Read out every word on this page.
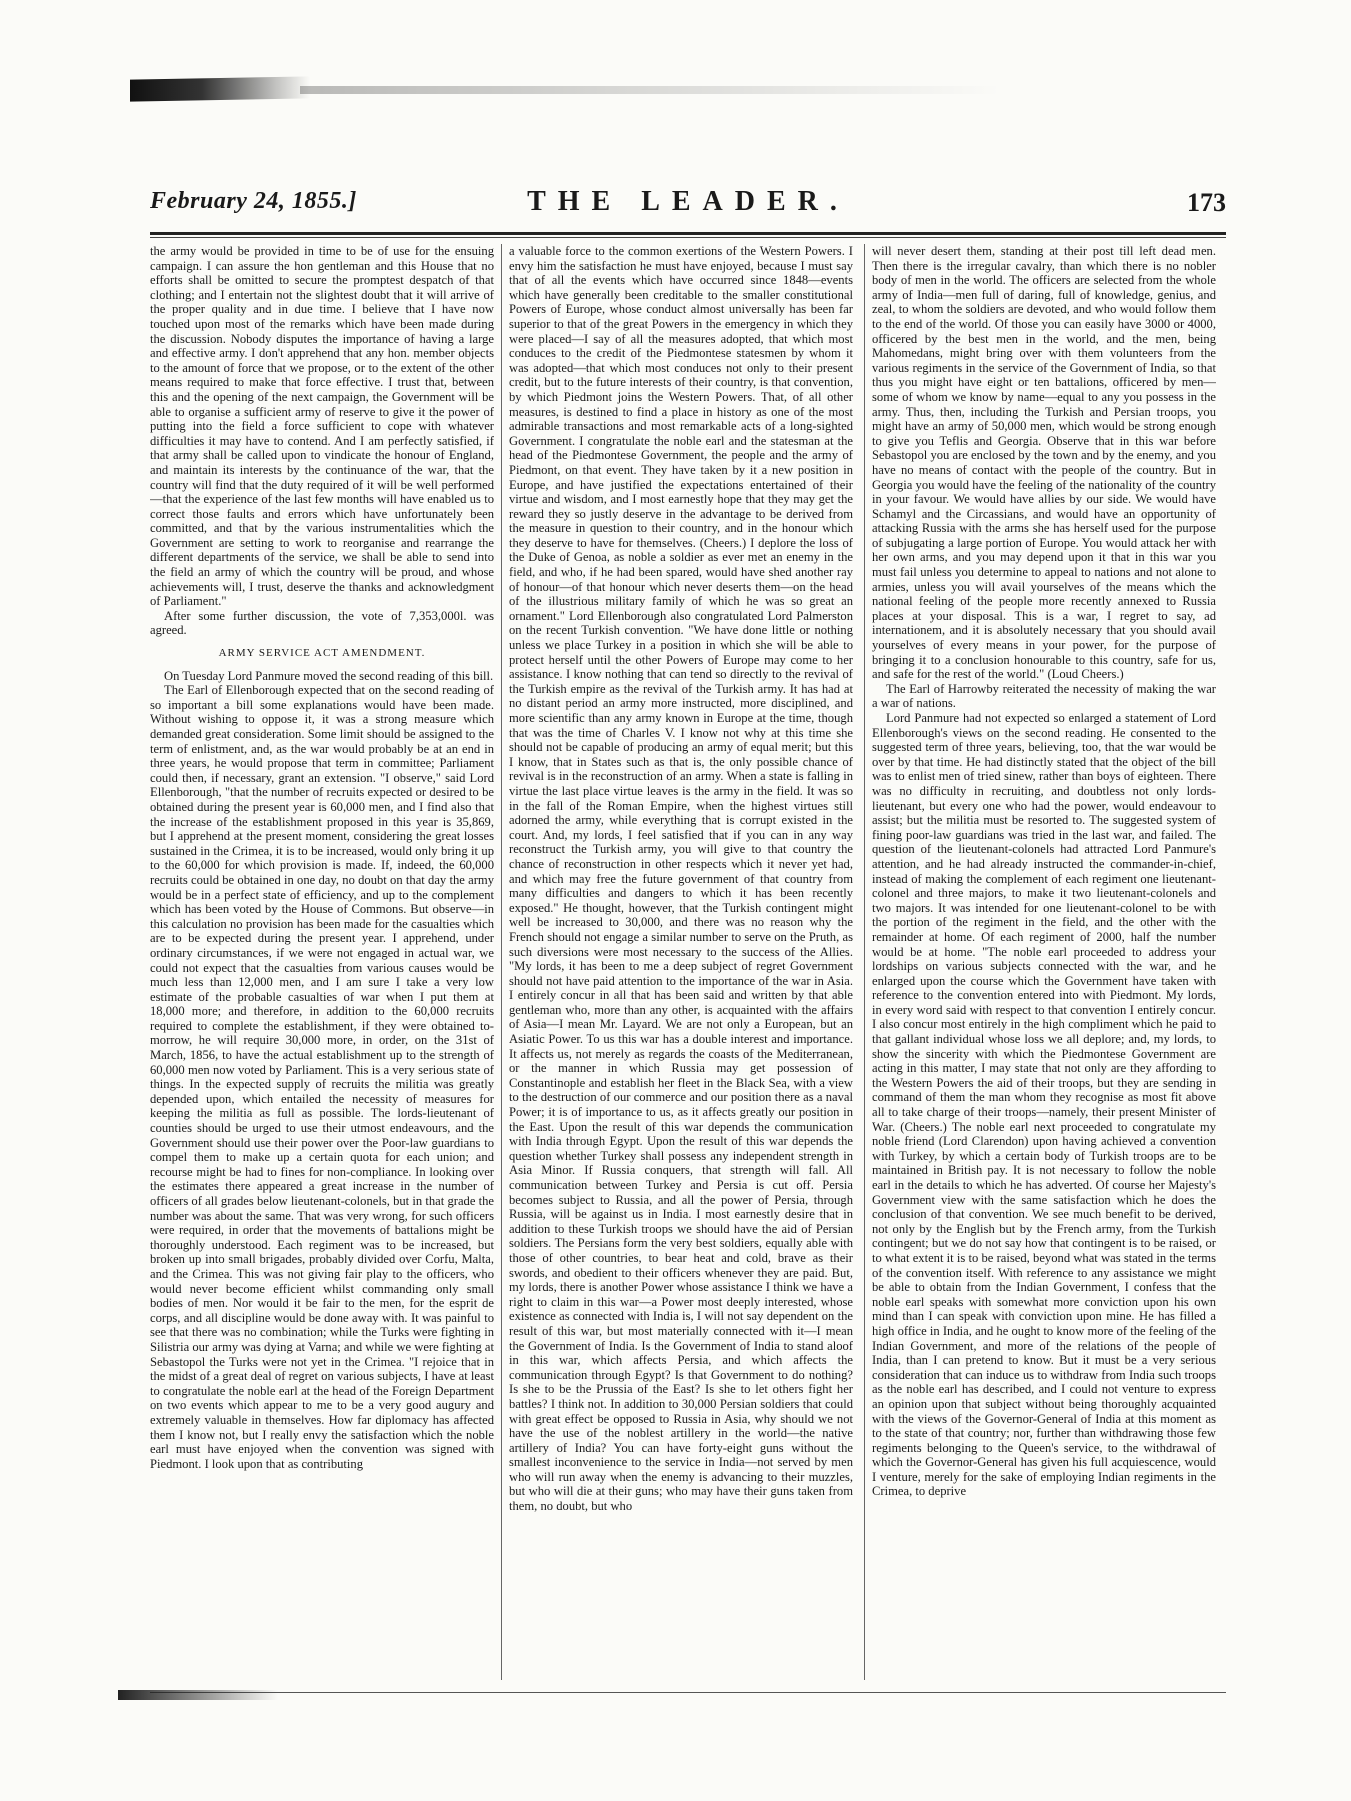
February 24, 1855.]	THE LEADER.	173

the army would be provided in time to be of use for the ensuing campaign. I can assure the hon gentleman and this House that no efforts shall be omitted to secure the promptest despatch of that clothing; and I entertain not the slightest doubt that it will arrive of the proper quality and in due time. I believe that I have now touched upon most of the remarks which have been made during the discussion. Nobody disputes the importance of having a large and effective army. I don't apprehend that any hon. member objects to the amount of force that we propose, or to the extent of the other means required to make that force effective. I trust that, between this and the opening of the next campaign, the Government will be able to organise a sufficient army of reserve to give it the power of putting into the field a force sufficient to cope with whatever difficulties it may have to contend. And I am perfectly satisfied, if that army shall be called upon to vindicate the honour of England, and maintain its interests by the continuance of the war, that the country will find that the duty required of it will be well performed—that the experience of the last few months will have enabled us to correct those faults and errors which have unfortunately been committed, and that by the various instrumentalities which the Government are setting to work to reorganise and rearrange the different departments of the service, we shall be able to send into the field an army of which the country will be proud, and whose achievements will, I trust, deserve the thanks and acknowledgment of Parliament."

After some further discussion, the vote of 7,353,000l. was agreed.

ARMY SERVICE ACT AMENDMENT.

On Tuesday Lord Panmure moved the second reading of this bill.

The Earl of Ellenborough expected that on the second reading of so important a bill some explanations would have been made. Without wishing to oppose it, it was a strong measure which demanded great consideration. Some limit should be assigned to the term of enlistment, and, as the war would probably be at an end in three years, he would propose that term in committee; Parliament could then, if necessary, grant an extension. "I observe," said Lord Ellenborough, "that the number of recruits expected or desired to be obtained during the present year is 60,000 men, and I find also that the increase of the establishment proposed in this year is 35,869, but I apprehend at the present moment, considering the great losses sustained in the Crimea, it is to be increased, would only bring it up to the 60,000 for which provision is made. If, indeed, the 60,000 recruits could be obtained in one day, no doubt on that day the army would be in a perfect state of efficiency, and up to the complement which has been voted by the House of Commons. But observe—in this calculation no provision has been made for the casualties which are to be expected during the present year. I apprehend, under ordinary circumstances, if we were not engaged in actual war, we could not expect that the casualties from various causes would be much less than 12,000 men, and I am sure I take a very low estimate of the probable casualties of war when I put them at 18,000 more; and therefore, in addition to the 60,000 recruits required to complete the establishment, if they were obtained to-morrow, he will require 30,000 more, in order, on the 31st of March, 1856, to have the actual establishment up to the strength of 60,000 men now voted by Parliament. This is a very serious state of things. In the expected supply of recruits the militia was greatly depended upon, which entailed the necessity of measures for keeping the militia as full as possible. The lords-lieutenant of counties should be urged to use their utmost endeavours, and the Government should use their power over the Poor-law guardians to compel them to make up a certain quota for each union; and recourse might be had to fines for non-compliance. In looking over the estimates there appeared a great increase in the number of officers of all grades below lieutenant-colonels, but in that grade the number was about the same. That was very wrong, for such officers were required, in order that the movements of battalions might be thoroughly understood. Each regiment was to be increased, but broken up into small brigades, probably divided over Corfu, Malta, and the Crimea. This was not giving fair play to the officers, who would never become efficient whilst commanding only small bodies of men. Nor would it be fair to the men, for the esprit de corps, and all discipline would be done away with. It was painful to see that there was no combination; while the Turks were fighting in Silistria our army was dying at Varna; and while we were fighting at Sebastopol the Turks were not yet in the Crimea. "I rejoice that in the midst of a great deal of regret on various subjects, I have at least to congratulate the noble earl at the head of the Foreign Department on two events which appear to me to be a very good augury and extremely valuable in themselves. How far diplomacy has affected them I know not, but I really envy the satisfaction which the noble earl must have enjoyed when the convention was signed with Piedmont. I look upon that as contributing

a valuable force to the common exertions of the Western Powers. I envy him the satisfaction he must have enjoyed, because I must say that of all the events which have occurred since 1848—events which have generally been creditable to the smaller constitutional Powers of Europe, whose conduct almost universally has been far superior to that of the great Powers in the emergency in which they were placed—I say of all the measures adopted, that which most conduces to the credit of the Piedmontese statesmen by whom it was adopted—that which most conduces not only to their present credit, but to the future interests of their country, is that convention, by which Piedmont joins the Western Powers. That, of all other measures, is destined to find a place in history as one of the most admirable transactions and most remarkable acts of a long-sighted Government. I congratulate the noble earl and the statesman at the head of the Piedmontese Government, the people and the army of Piedmont, on that event. They have taken by it a new position in Europe, and have justified the expectations entertained of their virtue and wisdom, and I most earnestly hope that they may get the reward they so justly deserve in the advantage to be derived from the measure in question to their country, and in the honour which they deserve to have for themselves. (Cheers.) I deplore the loss of the Duke of Genoa, as noble a soldier as ever met an enemy in the field, and who, if he had been spared, would have shed another ray of honour—of that honour which never deserts them—on the head of the illustrious military family of which he was so great an ornament." Lord Ellenborough also congratulated Lord Palmerston on the recent Turkish convention. "We have done little or nothing unless we place Turkey in a position in which she will be able to protect herself until the other Powers of Europe may come to her assistance. I know nothing that can tend so directly to the revival of the Turkish empire as the revival of the Turkish army. It has had at no distant period an army more instructed, more disciplined, and more scientific than any army known in Europe at the time, though that was the time of Charles V. I know not why at this time she should not be capable of producing an army of equal merit; but this I know, that in States such as that is, the only possible chance of revival is in the reconstruction of an army. When a state is falling in virtue the last place virtue leaves is the army in the field. It was so in the fall of the Roman Empire, when the highest virtues still adorned the army, while everything that is corrupt existed in the court. And, my lords, I feel satisfied that if you can in any way reconstruct the Turkish army, you will give to that country the chance of reconstruction in other respects which it never yet had, and which may free the future government of that country from many difficulties and dangers to which it has been recently exposed." He thought, however, that the Turkish contingent might well be increased to 30,000, and there was no reason why the French should not engage a similar number to serve on the Pruth, as such diversions were most necessary to the success of the Allies. "My lords, it has been to me a deep subject of regret Government should not have paid attention to the importance of the war in Asia. I entirely concur in all that has been said and written by that able gentleman who, more than any other, is acquainted with the affairs of Asia—I mean Mr. Layard. We are not only a European, but an Asiatic Power. To us this war has a double interest and importance. It affects us, not merely as regards the coasts of the Mediterranean, or the manner in which Russia may get possession of Constantinople and establish her fleet in the Black Sea, with a view to the destruction of our commerce and our position there as a naval Power; it is of importance to us, as it affects greatly our position in the East. Upon the result of this war depends the communication with India through Egypt. Upon the result of this war depends the question whether Turkey shall possess any independent strength in Asia Minor. If Russia conquers, that strength will fall. All communication between Turkey and Persia is cut off. Persia becomes subject to Russia, and all the power of Persia, through Russia, will be against us in India. I most earnestly desire that in addition to these Turkish troops we should have the aid of Persian soldiers. The Persians form the very best soldiers, equally able with those of other countries, to bear heat and cold, brave as their swords, and obedient to their officers whenever they are paid. But, my lords, there is another Power whose assistance I think we have a right to claim in this war—a Power most deeply interested, whose existence as connected with India is, I will not say dependent on the result of this war, but most materially connected with it—I mean the Government of India. Is the Government of India to stand aloof in this war, which affects Persia, and which affects the communication through Egypt? Is that Government to do nothing? Is she to be the Prussia of the East? Is she to let others fight her battles? I think not. In addition to 30,000 Persian soldiers that could with great effect be opposed to Russia in Asia, why should we not have the use of the noblest artillery in the world—the native artillery of India? You can have forty-eight guns without the smallest inconvenience to the service in India—not served by men who will run away when the enemy is advancing to their muzzles, but who will die at their guns; who may have their guns taken from them, no doubt, but who

will never desert them, standing at their post till left dead men. Then there is the irregular cavalry, than which there is no nobler body of men in the world. The officers are selected from the whole army of India—men full of daring, full of knowledge, genius, and zeal, to whom the soldiers are devoted, and who would follow them to the end of the world. Of those you can easily have 3000 or 4000, officered by the best men in the world, and the men, being Mahomedans, might bring over with them volunteers from the various regiments in the service of the Government of India, so that thus you might have eight or ten battalions, officered by men—some of whom we know by name—equal to any you possess in the army. Thus, then, including the Turkish and Persian troops, you might have an army of 50,000 men, which would be strong enough to give you Teflis and Georgia. Observe that in this war before Sebastopol you are enclosed by the town and by the enemy, and you have no means of contact with the people of the country. But in Georgia you would have the feeling of the nationality of the country in your favour. We would have allies by our side. We would have Schamyl and the Circassians, and would have an opportunity of attacking Russia with the arms she has herself used for the purpose of subjugating a large portion of Europe. You would attack her with her own arms, and you may depend upon it that in this war you must fail unless you determine to appeal to nations and not alone to armies, unless you will avail yourselves of the means which the national feeling of the people more recently annexed to Russia places at your disposal. This is a war, I regret to say, ad internationem, and it is absolutely necessary that you should avail yourselves of every means in your power, for the purpose of bringing it to a conclusion honourable to this country, safe for us, and safe for the rest of the world." (Loud Cheers.)

The Earl of Harrowby reiterated the necessity of making the war a war of nations.

Lord Panmure had not expected so enlarged a statement of Lord Ellenborough's views on the second reading. He consented to the suggested term of three years, believing, too, that the war would be over by that time. He had distinctly stated that the object of the bill was to enlist men of tried sinew, rather than boys of eighteen. There was no difficulty in recruiting, and doubtless not only lords-lieutenant, but every one who had the power, would endeavour to assist; but the militia must be resorted to. The suggested system of fining poor-law guardians was tried in the last war, and failed. The question of the lieutenant-colonels had attracted Lord Panmure's attention, and he had already instructed the commander-in-chief, instead of making the complement of each regiment one lieutenant-colonel and three majors, to make it two lieutenant-colonels and two majors. It was intended for one lieutenant-colonel to be with the portion of the regiment in the field, and the other with the remainder at home. Of each regiment of 2000, half the number would be at home. "The noble earl proceeded to address your lordships on various subjects connected with the war, and he enlarged upon the course which the Government have taken with reference to the convention entered into with Piedmont. My lords, in every word said with respect to that convention I entirely concur. I also concur most entirely in the high compliment which he paid to that gallant individual whose loss we all deplore; and, my lords, to show the sincerity with which the Piedmontese Government are acting in this matter, I may state that not only are they affording to the Western Powers the aid of their troops, but they are sending in command of them the man whom they recognise as most fit above all to take charge of their troops—namely, their present Minister of War. (Cheers.) The noble earl next proceeded to congratulate my noble friend (Lord Clarendon) upon having achieved a convention with Turkey, by which a certain body of Turkish troops are to be maintained in British pay. It is not necessary to follow the noble earl in the details to which he has adverted. Of course her Majesty's Government view with the same satisfaction which he does the conclusion of that convention. We see much benefit to be derived, not only by the English but by the French army, from the Turkish contingent; but we do not say how that contingent is to be raised, or to what extent it is to be raised, beyond what was stated in the terms of the convention itself. With reference to any assistance we might be able to obtain from the Indian Government, I confess that the noble earl speaks with somewhat more conviction upon his own mind than I can speak with conviction upon mine. He has filled a high office in India, and he ought to know more of the feeling of the Indian Government, and more of the relations of the people of India, than I can pretend to know. But it must be a very serious consideration that can induce us to withdraw from India such troops as the noble earl has described, and I could not venture to express an opinion upon that subject without being thoroughly acquainted with the views of the Governor-General of India at this moment as to the state of that country; nor, further than withdrawing those few regiments belonging to the Queen's service, to the withdrawal of which the Governor-General has given his full acquiescence, would I venture, merely for the sake of employing Indian regiments in the Crimea, to deprive
